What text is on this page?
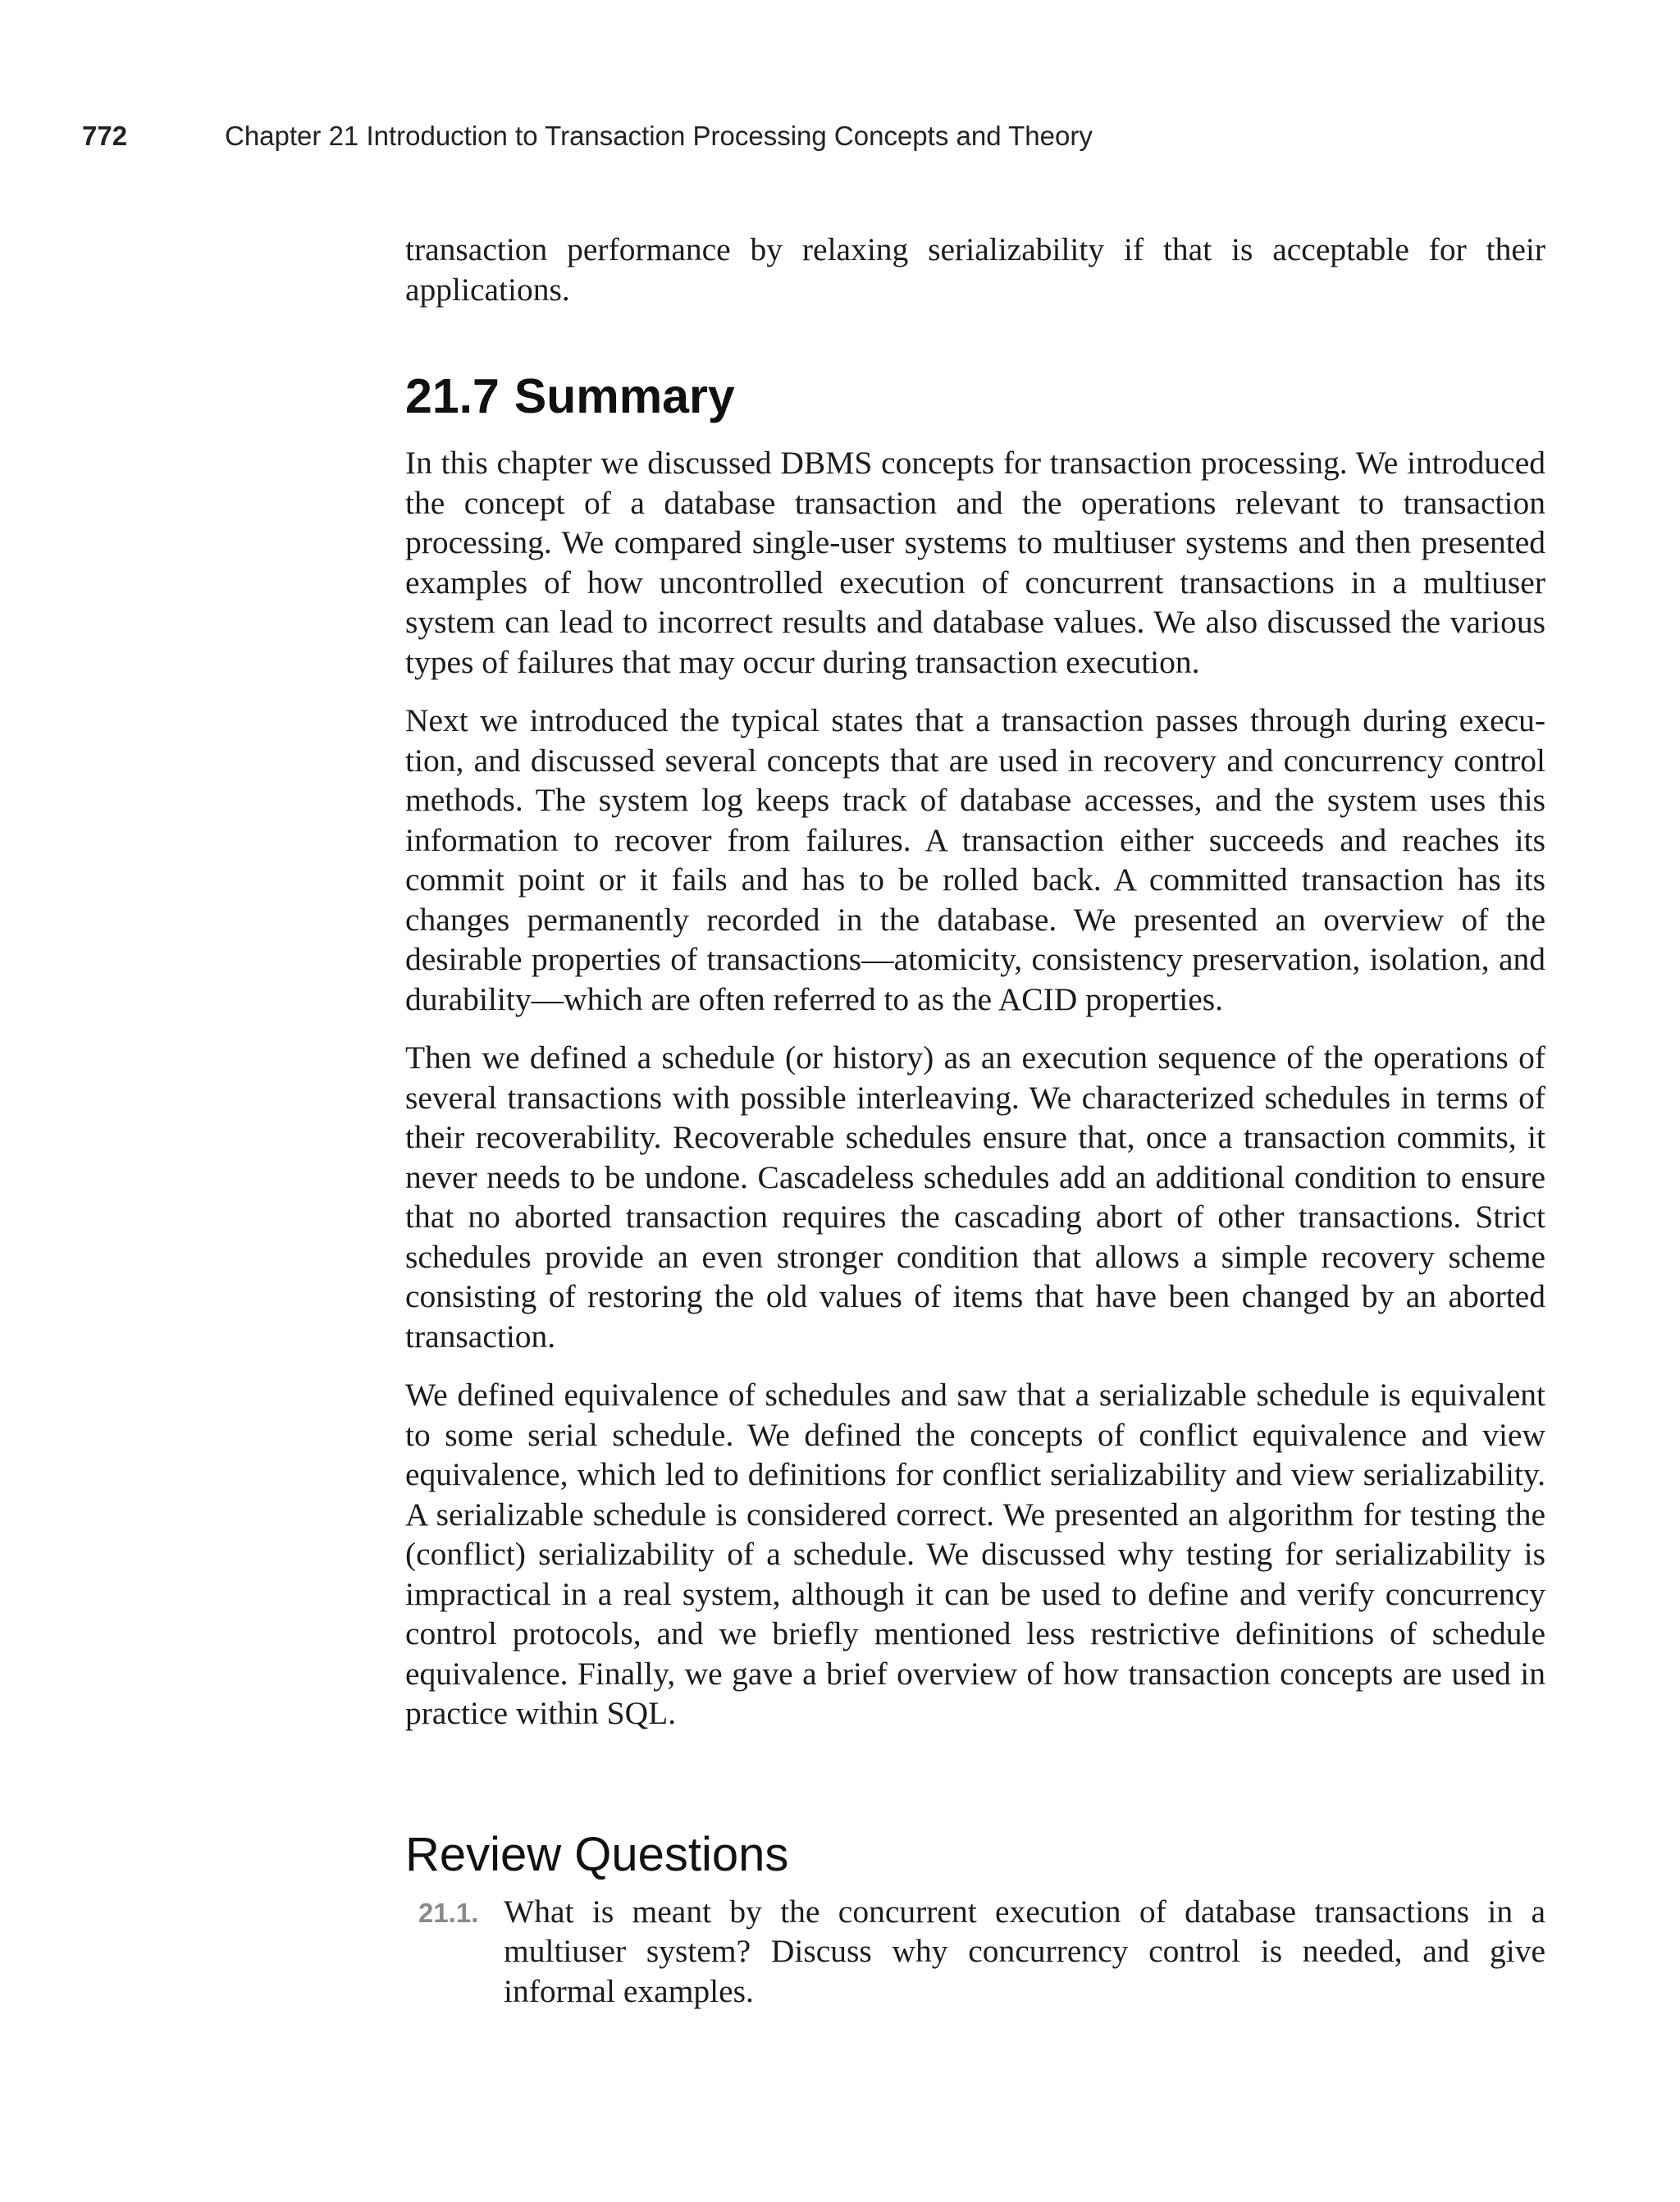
772	Chapter 21 Introduction to Transaction Processing Concepts and Theory

transaction performance by relaxing serializability if that is acceptable for their applications.

21.7 Summary

In this chapter we discussed DBMS concepts for transaction processing. We introduced the concept of a database transaction and the operations relevant to transaction processing. We compared single-user systems to multiuser systems and then presented examples of how uncontrolled execution of concurrent transactions in a multiuser system can lead to incorrect results and database values. We also discussed the various types of failures that may occur during transaction execution.

Next we introduced the typical states that a transaction passes through during execution, and discussed several concepts that are used in recovery and concurrency control methods. The system log keeps track of database accesses, and the system uses this information to recover from failures. A transaction either succeeds and reaches its commit point or it fails and has to be rolled back. A committed transaction has its changes permanently recorded in the database. We presented an overview of the desirable properties of transactions—atomicity, consistency preservation, isolation, and durability—which are often referred to as the ACID properties.

Then we defined a schedule (or history) as an execution sequence of the operations of several transactions with possible interleaving. We characterized schedules in terms of their recoverability. Recoverable schedules ensure that, once a transaction commits, it never needs to be undone. Cascadeless schedules add an additional condition to ensure that no aborted transaction requires the cascading abort of other transactions. Strict schedules provide an even stronger condition that allows a simple recovery scheme consisting of restoring the old values of items that have been changed by an aborted transaction.

We defined equivalence of schedules and saw that a serializable schedule is equivalent to some serial schedule. We defined the concepts of conflict equivalence and view equivalence, which led to definitions for conflict serializability and view serializability. A serializable schedule is considered correct. We presented an algorithm for testing the (conflict) serializability of a schedule. We discussed why testing for serializability is impractical in a real system, although it can be used to define and verify concurrency control protocols, and we briefly mentioned less restrictive definitions of schedule equivalence. Finally, we gave a brief overview of how transaction concepts are used in practice within SQL.

Review Questions
21.1. What is meant by the concurrent execution of database transactions in a multiuser system? Discuss why concurrency control is needed, and give informal examples.
